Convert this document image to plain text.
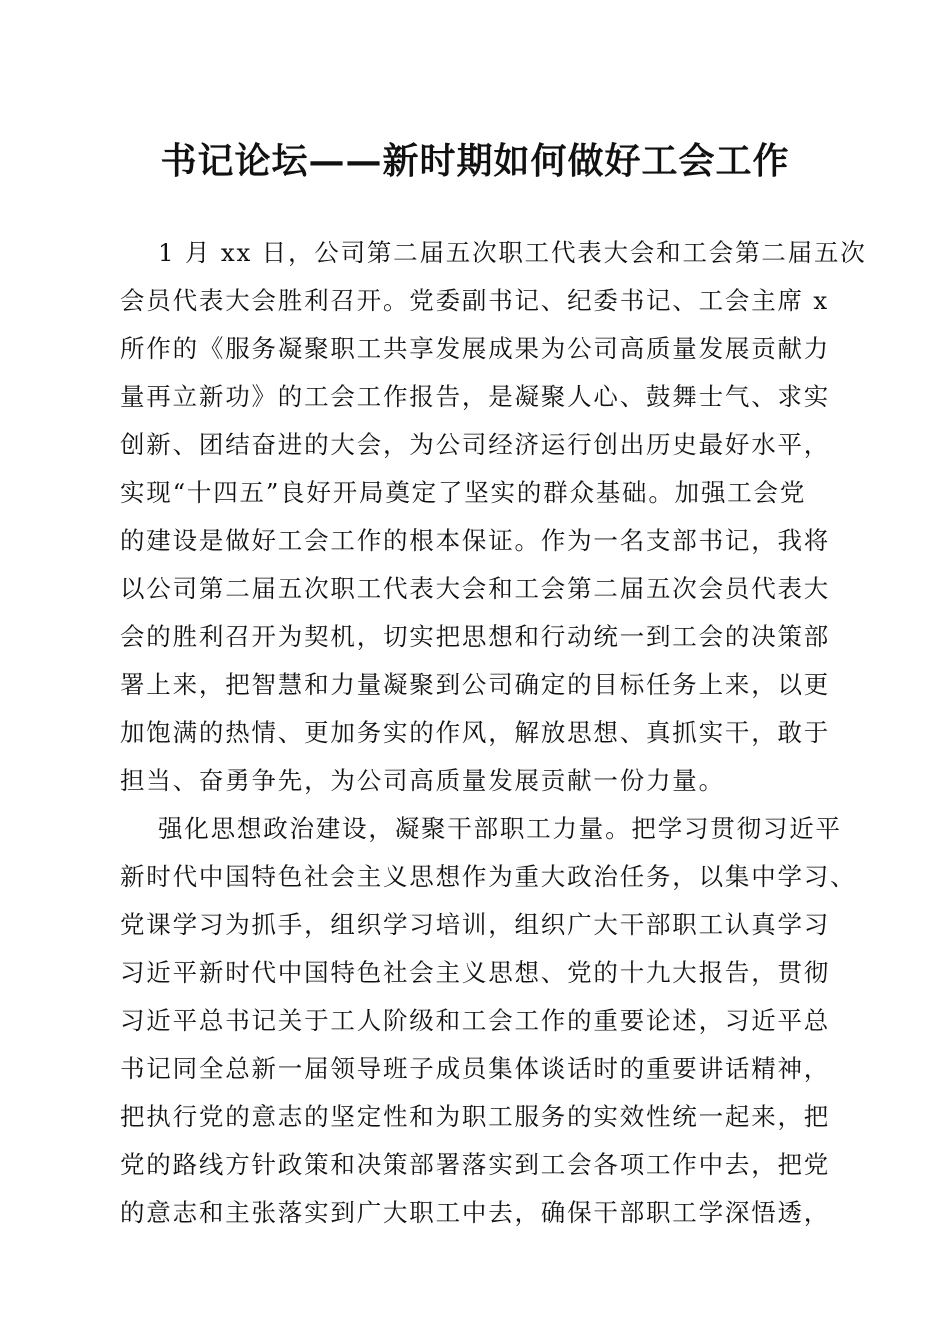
书记论坛——新时期如何做好工会工作

1 月 xx 日，公司第二届五次职工代表大会和工会第二届五次

会员代表大会胜利召开。党委副书记、纪委书记、工会主席 x

所作的《服务凝聚职工共享发展成果为公司高质量发展贡献力

量再立新功》的工会工作报告，是凝聚人心、鼓舞士气、求实

创新、团结奋进的大会，为公司经济运行创出历史最好水平，

实现“十四五”良好开局奠定了坚实的群众基础。加强工会党

的建设是做好工会工作的根本保证。作为一名支部书记，我将

以公司第二届五次职工代表大会和工会第二届五次会员代表大

会的胜利召开为契机，切实把思想和行动统一到工会的决策部

署上来，把智慧和力量凝聚到公司确定的目标任务上来，以更

加饱满的热情、更加务实的作风，解放思想、真抓实干，敢于

担当、奋勇争先，为公司高质量发展贡献一份力量。

强化思想政治建设，凝聚干部职工力量。把学习贯彻习近平

新时代中国特色社会主义思想作为重大政治任务，以集中学习、

党课学习为抓手，组织学习培训，组织广大干部职工认真学习

习近平新时代中国特色社会主义思想、党的十九大报告，贯彻

习近平总书记关于工人阶级和工会工作的重要论述，习近平总

书记同全总新一届领导班子成员集体谈话时的重要讲话精神，

把执行党的意志的坚定性和为职工服务的实效性统一起来，把

党的路线方针政策和决策部署落实到工会各项工作中去，把党

的意志和主张落实到广大职工中去，确保干部职工学深悟透，
